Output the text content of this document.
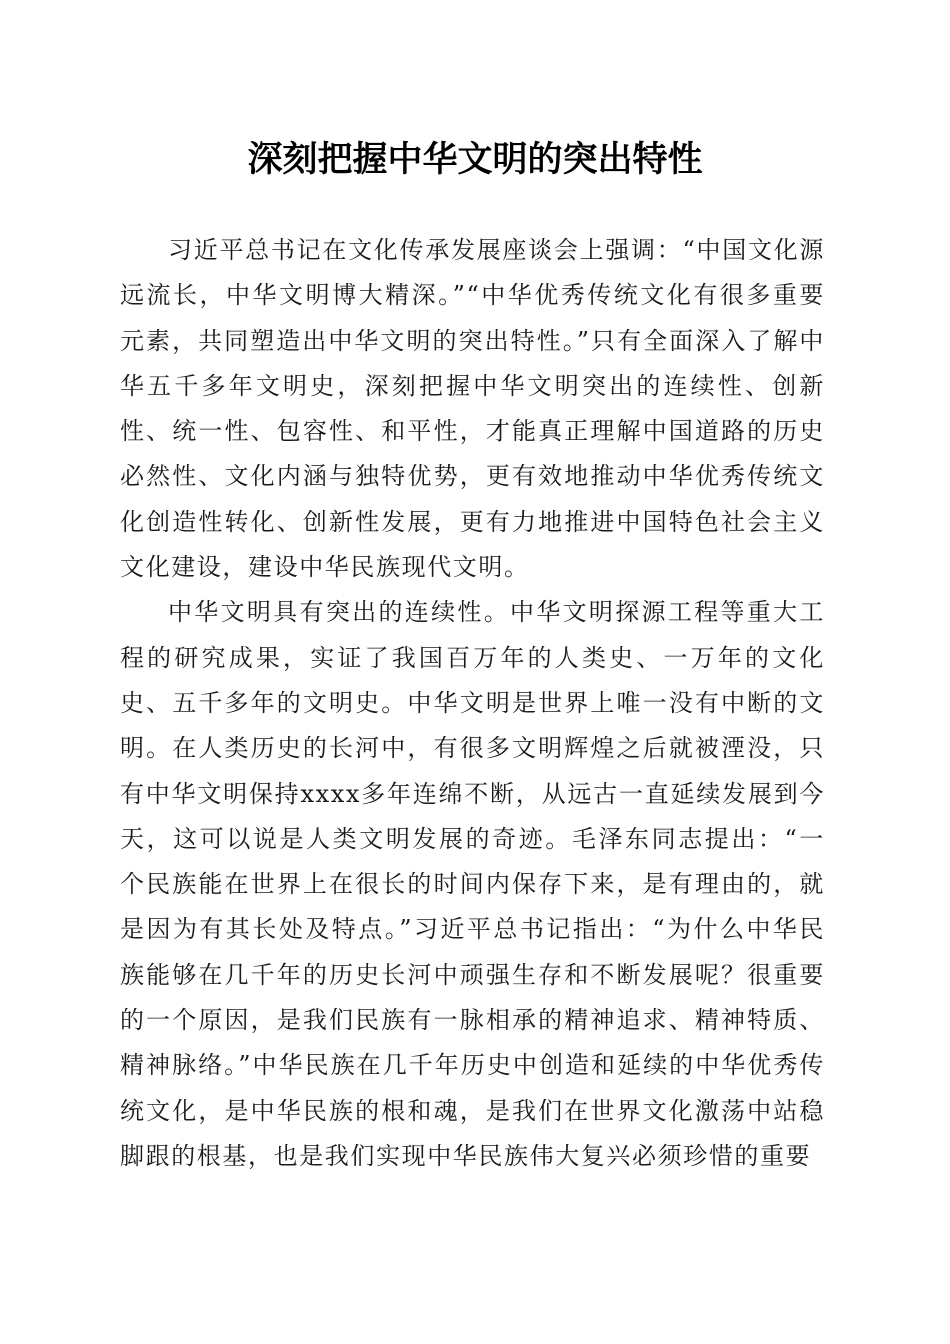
深刻把握中华文明的突出特性

习近平总书记在文化传承发展座谈会上强调：“中国文化源远流长，中华文明博大精深。”“中华优秀传统文化有很多重要元素，共同塑造出中华文明的突出特性。”只有全面深入了解中华五千多年文明史，深刻把握中华文明突出的连续性、创新性、统一性、包容性、和平性，才能真正理解中国道路的历史必然性、文化内涵与独特优势，更有效地推动中华优秀传统文化创造性转化、创新性发展，更有力地推进中国特色社会主义文化建设，建设中华民族现代文明。

中华文明具有突出的连续性。中华文明探源工程等重大工程的研究成果，实证了我国百万年的人类史、一万年的文化史、五千多年的文明史。中华文明是世界上唯一没有中断的文明。在人类历史的长河中，有很多文明辉煌之后就被湮没，只有中华文明保持xxxx多年连绵不断，从远古一直延续发展到今天，这可以说是人类文明发展的奇迹。毛泽东同志提出：“一个民族能在世界上在很长的时间内保存下来，是有理由的，就是因为有其长处及特点。”习近平总书记指出：“为什么中华民族能够在几千年的历史长河中顽强生存和不断发展呢？很重要的一个原因，是我们民族有一脉相承的精神追求、精神特质、精神脉络。”中华民族在几千年历史中创造和延续的中华优秀传统文化，是中华民族的根和魂，是我们在世界文化激荡中站稳脚跟的根基，也是我们实现中华民族伟大复兴必须珍惜的重要
